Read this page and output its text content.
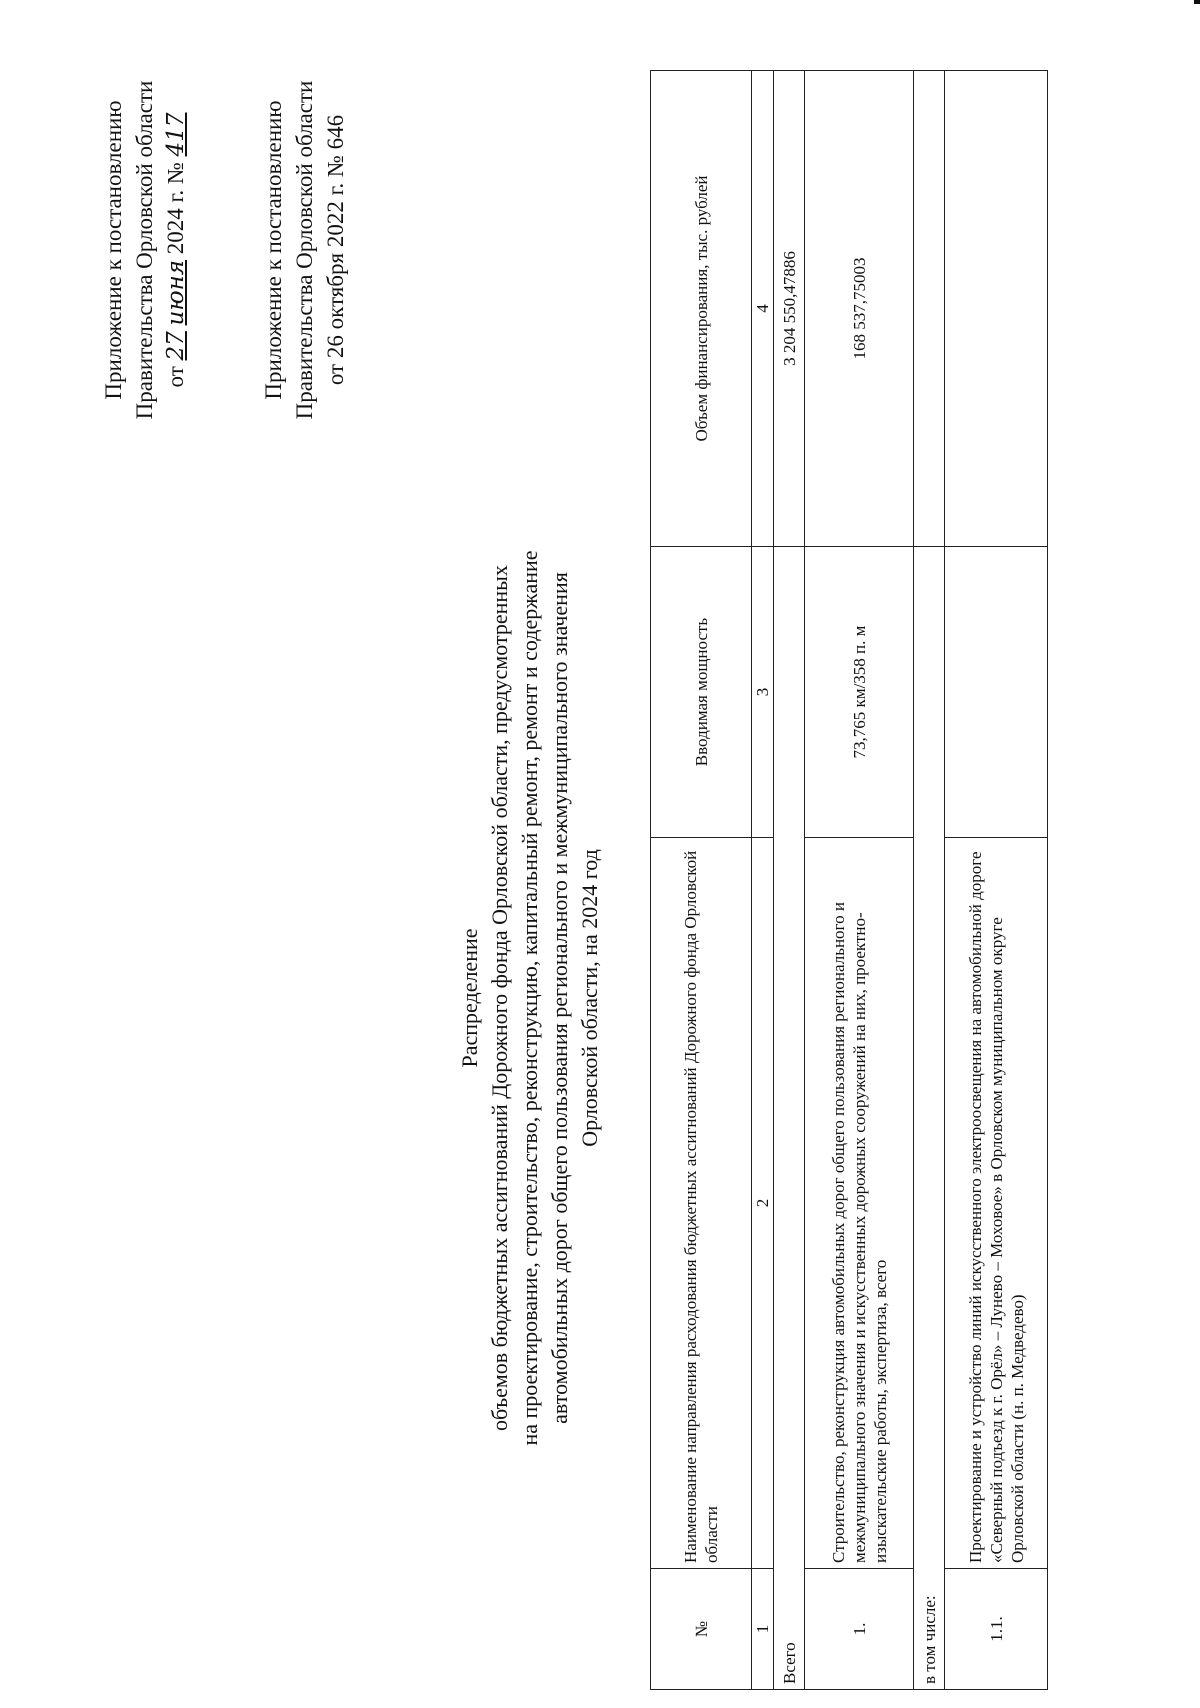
Приложение к постановлению Правительства Орловской области от 27 июня 2024 г. № 417	Приложение к постановлению Правительства Орловской области от 26 октября 2022 г. № 646
Распределение объемов бюджетных ассигнований Дорожного фонда Орловской области, предусмотренных на проектирование, строительство, реконструкцию, капитальный ремонт, ремонт и содержание автомобильных дорог общего пользования регионального и межмуниципального значения Орловской области, на 2024 год
№	Наименование направления расходования бюджетных ассигнований Дорожного фонда Орловской области	Вводимая мощность	Объем финансирования, тыс. рублей
1	2	3	4
Всего			3 204 550,47886
1.	Строительство, реконструкция автомобильных дорог общего пользования регионального и межмуниципального значения и искусственных дорожных сооружений на них, проектно-изыскательские работы, экспертиза, всего	73,765 км/358 п. м	168 537,75003
в том числе:			
1.1.	Проектирование и устройство линий искусственного электроосвещения на автомобильной дороге «Северный подъезд к г. Орёл» – Лунево – Моховое» в Орловском муниципальном округе Орловской области (н. п. Медведево)		
